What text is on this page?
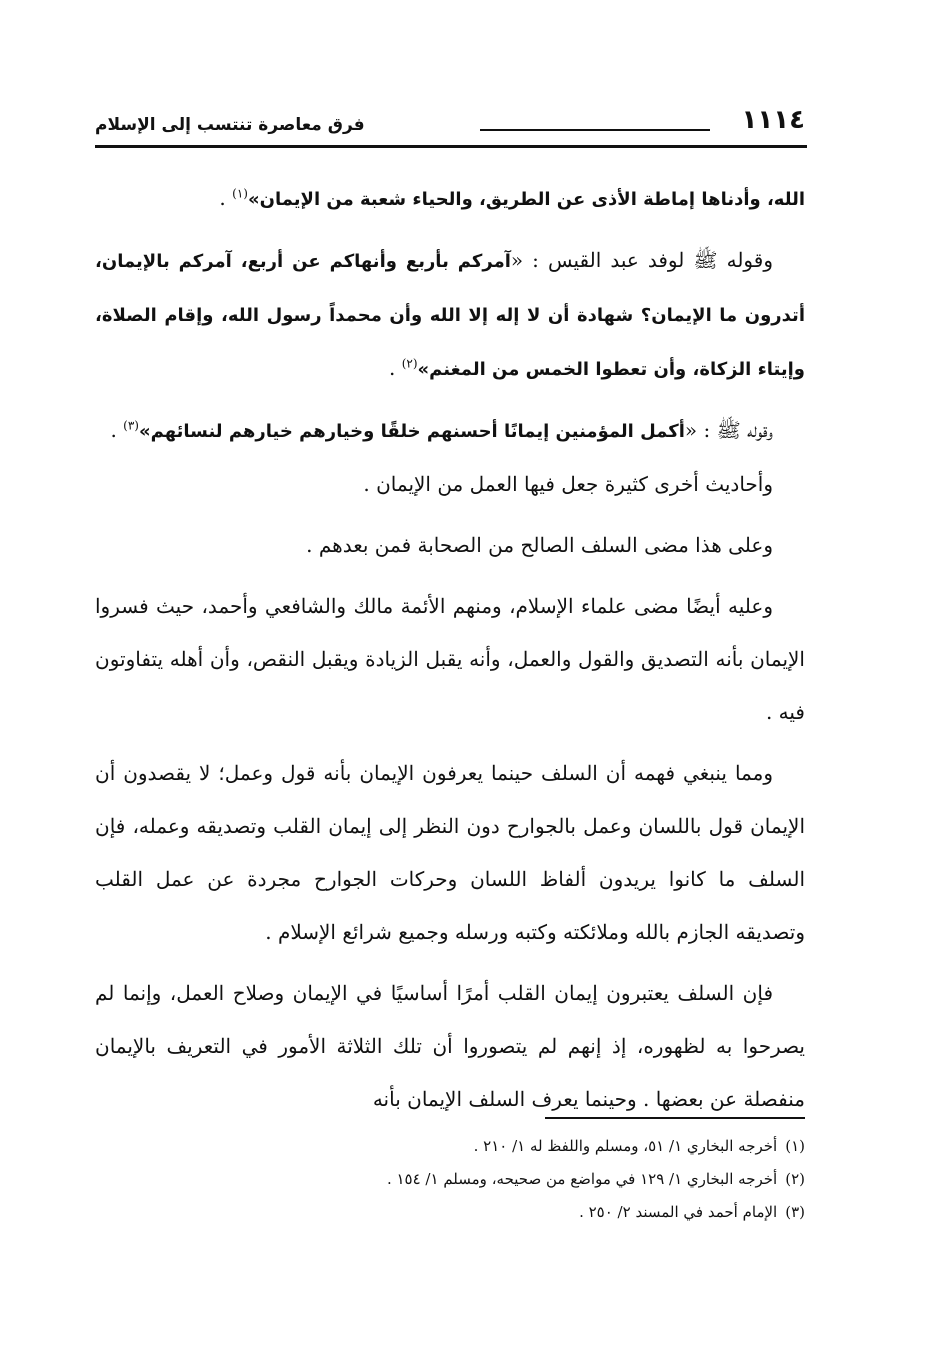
١١١٤
فرق معاصرة تنتسب إلى الإسلام

الله، وأدناها إماطة الأذى عن الطريق، والحياء شعبة من الإيمان»$^{(١)}$ .

وقوله ﷺ لوفد عبد القيس : «آمركم بأربع وأنهاكم عن أربع، آمركم بالإيمان، أتدرون ما الإيمان؟ شهادة أن لا إله إلا الله وأن محمداً رسول الله، وإقام الصلاة، وإيتاء الزكاة، وأن تعطوا الخمس من المغنم»$^{(٢)}$ .

وقوله ﷺ : «أكمل المؤمنين إيمانًا أحسنهم خلقًا وخيارهم خيارهم لنسائهم»$^{(٣)}$ .

وأحاديث أخرى كثيرة جعل فيها العمل من الإيمان .

وعلى هذا مضى السلف الصالح من الصحابة فمن بعدهم .

وعليه أيضًا مضى علماء الإسلام، ومنهم الأئمة مالك والشافعي وأحمد، حيث فسروا الإيمان بأنه التصديق والقول والعمل، وأنه يقبل الزيادة ويقبل النقص، وأن أهله يتفاوتون فيه .

ومما ينبغي فهمه أن السلف حينما يعرفون الإيمان بأنه قول وعمل؛ لا يقصدون أن الإيمان قول باللسان وعمل بالجوارح دون النظر إلى إيمان القلب وتصديقه وعمله، فإن السلف ما كانوا يريدون ألفاظ اللسان وحركات الجوارح مجردة عن عمل القلب وتصديقه الجازم بالله وملائكته وكتبه ورسله وجميع شرائع الإسلام .

فإن السلف يعتبرون إيمان القلب أمرًا أساسيًا في الإيمان وصلاح العمل، وإنما لم يصرحوا به لظهوره، إذ إنهم لم يتصوروا أن تلك الثلاثة الأمور في التعريف بالإيمان منفصلة عن بعضها . وحينما يعرف السلف الإيمان بأنه

(١)أخرجه البخاري ١/ ٥١، ومسلم واللفظ له ١/ ٢١٠ .

(٢)أخرجه البخاري ١/ ١٢٩ في مواضع من صحيحه، ومسلم ١/ ١٥٤ .

(٣)الإمام أحمد في المسند ٢/ ٢٥٠ .
